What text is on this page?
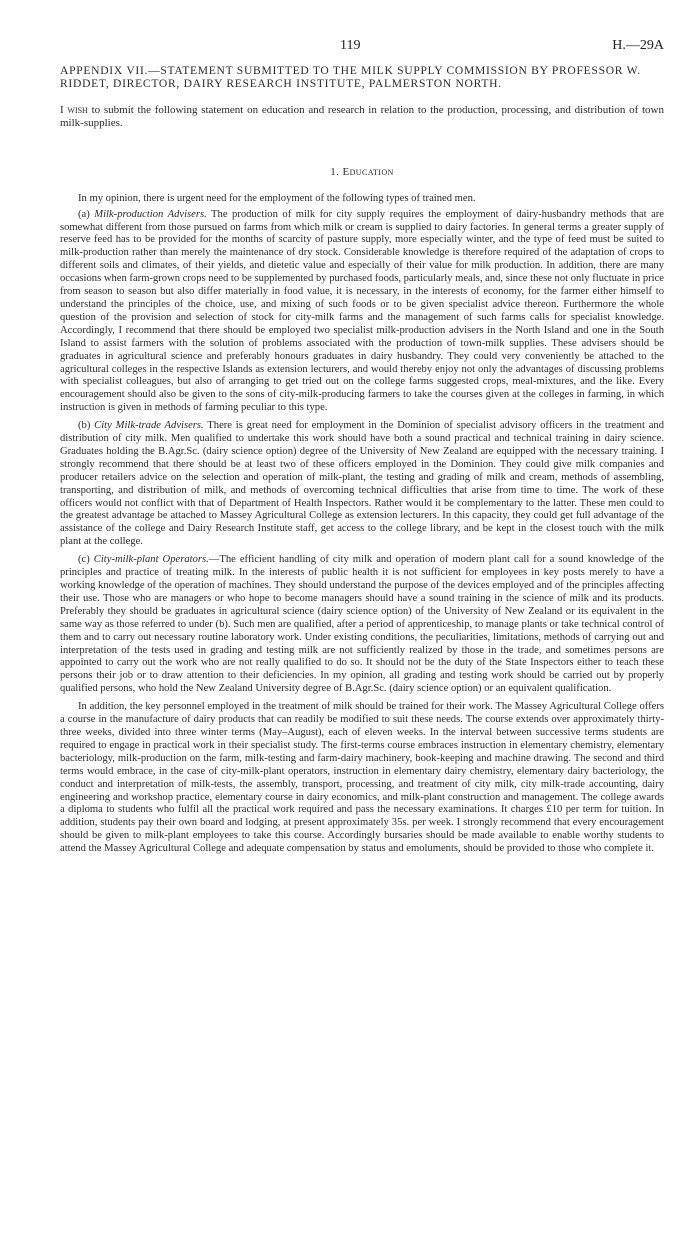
119	H.—29A

APPENDIX VII.—STATEMENT SUBMITTED TO THE MILK SUPPLY COMMISSION BY PROFESSOR W. RIDDET, DIRECTOR, DAIRY RESEARCH INSTITUTE, PALMERSTON NORTH.

I wish to submit the following statement on education and research in relation to the production, processing, and distribution of town milk-supplies.

1. Education

In my opinion, there is urgent need for the employment of the following types of trained men.

(a) Milk-production Advisers. The production of milk for city supply requires the employment of dairy-husbandry methods that are somewhat different from those pursued on farms from which milk or cream is supplied to dairy factories. In general terms a greater supply of reserve feed has to be provided for the months of scarcity of pasture supply, more especially winter, and the type of feed must be suited to milk-production rather than merely the maintenance of dry stock. Considerable knowledge is therefore required of the adaptation of crops to different soils and climates, of their yields, and dietetic value and especially of their value for milk production. In addition, there are many occasions when farm-grown crops need to be supplemented by purchased foods, particularly meals, and, since these not only fluctuate in price from season to season but also differ materially in food value, it is necessary, in the interests of economy, for the farmer either himself to understand the principles of the choice, use, and mixing of such foods or to be given specialist advice thereon. Furthermore the whole question of the provision and selection of stock for city-milk farms and the management of such farms calls for specialist knowledge. Accordingly, I recommend that there should be employed two specialist milk-production advisers in the North Island and one in the South Island to assist farmers with the solution of problems associated with the production of town-milk supplies. These advisers should be graduates in agricultural science and preferably honours graduates in dairy husbandry. They could very conveniently be attached to the agricultural colleges in the respective Islands as extension lecturers, and would thereby enjoy not only the advantages of discussing problems with specialist colleagues, but also of arranging to get tried out on the college farms suggested crops, meal-mixtures, and the like. Every encouragement should also be given to the sons of city-milk-producing farmers to take the courses given at the colleges in farming, in which instruction is given in methods of farming peculiar to this type.

(b) City Milk-trade Advisers. There is great need for employment in the Dominion of specialist advisory officers in the treatment and distribution of city milk. Men qualified to undertake this work should have both a sound practical and technical training in dairy science. Graduates holding the B.Agr.Sc. (dairy science option) degree of the University of New Zealand are equipped with the necessary training. I strongly recommend that there should be at least two of these officers employed in the Dominion. They could give milk companies and producer retailers advice on the selection and operation of milk-plant, the testing and grading of milk and cream, methods of assembling, transporting, and distribution of milk, and methods of overcoming technical difficulties that arise from time to time. The work of these officers would not conflict with that of Department of Health Inspectors. Rather would it be complementary to the latter. These men could to the greatest advantage be attached to Massey Agricultural College as extension lecturers. In this capacity, they could get full advantage of the assistance of the college and Dairy Research Institute staff, get access to the college library, and be kept in the closest touch with the milk plant at the college.

(c) City-milk-plant Operators.—The efficient handling of city milk and operation of modern plant call for a sound knowledge of the principles and practice of treating milk. In the interests of public health it is not sufficient for employees in key posts merely to have a working knowledge of the operation of machines. They should understand the purpose of the devices employed and of the principles affecting their use. Those who are managers or who hope to become managers should have a sound training in the science of milk and its products. Preferably they should be graduates in agricultural science (dairy science option) of the University of New Zealand or its equivalent in the same way as those referred to under (b). Such men are qualified, after a period of apprenticeship, to manage plants or take technical control of them and to carry out necessary routine laboratory work. Under existing conditions, the peculiarities, limitations, methods of carrying out and interpretation of the tests used in grading and testing milk are not sufficiently realized by those in the trade, and sometimes persons are appointed to carry out the work who are not really qualified to do so. It should not be the duty of the State Inspectors either to teach these persons their job or to draw attention to their deficiencies. In my opinion, all grading and testing work should be carried out by properly qualified persons, who hold the New Zealand University degree of B.Agr.Sc. (dairy science option) or an equivalent qualification.

In addition, the key personnel employed in the treatment of milk should be trained for their work. The Massey Agricultural College offers a course in the manufacture of dairy products that can readily be modified to suit these needs. The course extends over approximately thirty-three weeks, divided into three winter terms (May–August), each of eleven weeks. In the interval between successive terms students are required to engage in practical work in their specialist study. The first-terms course embraces instruction in elementary chemistry, elementary bacteriology, milk-production on the farm, milk-testing and farm-dairy machinery, book-keeping and machine drawing. The second and third terms would embrace, in the case of city-milk-plant operators, instruction in elementary dairy chemistry, elementary dairy bacteriology, the conduct and interpretation of milk-tests, the assembly, transport, processing, and treatment of city milk, city milk-trade accounting, dairy engineering and workshop practice, elementary course in dairy economics, and milk-plant construction and management. The college awards a diploma to students who fulfil all the practical work required and pass the necessary examinations. It charges £10 per term for tuition. In addition, students pay their own board and lodging, at present approximately 35s. per week. I strongly recommend that every encouragement should be given to milk-plant employees to take this course. Accordingly bursaries should be made available to enable worthy students to attend the Massey Agricultural College and adequate compensation by status and emoluments, should be provided to those who complete it.
